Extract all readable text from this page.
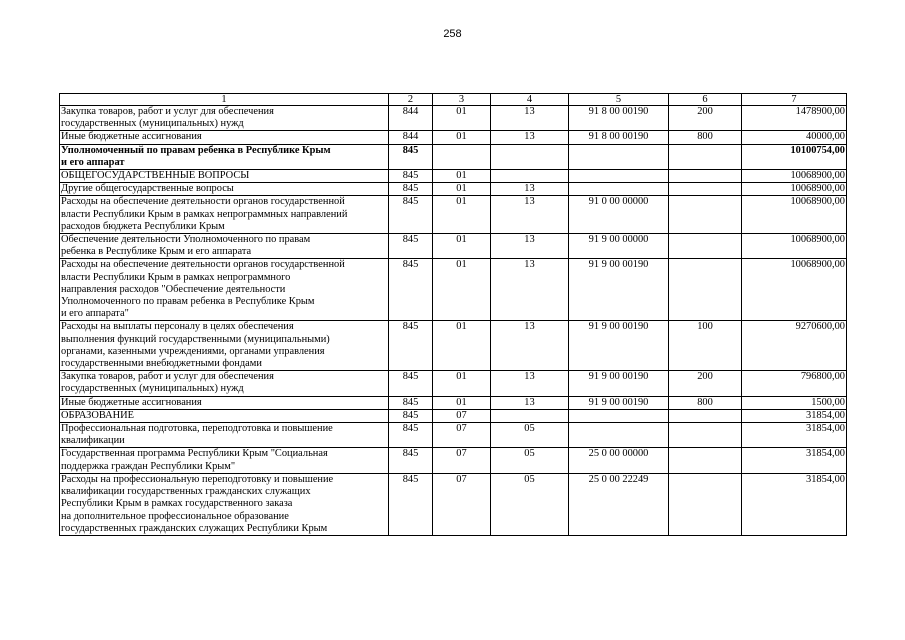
258
1	2	3	4	5	6	7

Закупка товаров, работ и услуг для обеспечения
государственных (муниципальных) нужд	844	01	13	91 8 00 00190	200	1478900,00

Иные бюджетные ассигнования	844	01	13	91 8 00 00190	800	40000,00

Уполномоченный по правам ребенка в Республике Крым
и его аппарат	845					10100754,00

ОБЩЕГОСУДАРСТВЕННЫЕ ВОПРОСЫ	845	01				10068900,00

Другие общегосударственные вопросы	845	01	13			10068900,00

Расходы на обеспечение деятельности органов государственной
власти Республики Крым в рамках непрограммных направлений
расходов бюджета Республики Крым	845	01	13	91 0 00 00000		10068900,00

Обеспечение деятельности Уполномоченного по правам
ребенка в Республике Крым и его аппарата	845	01	13	91 9 00 00000		10068900,00

Расходы на обеспечение деятельности органов государственной
власти Республики Крым в рамках непрограммного
направления расходов "Обеспечение деятельности
Уполномоченного по правам ребенка в Республике Крым
и его аппарата"	845	01	13	91 9 00 00190		10068900,00

Расходы на выплаты персоналу в целях обеспечения
выполнения функций государственными (муниципальными)
органами, казенными учреждениями, органами управления
государственными внебюджетными фондами	845	01	13	91 9 00 00190	100	9270600,00

Закупка товаров, работ и услуг для обеспечения
государственных (муниципальных) нужд	845	01	13	91 9 00 00190	200	796800,00

Иные бюджетные ассигнования	845	01	13	91 9 00 00190	800	1500,00

ОБРАЗОВАНИЕ	845	07				31854,00

Профессиональная подготовка, переподготовка и повышение
квалификации	845	07	05			31854,00

Государственная программа Республики Крым "Социальная
поддержка граждан Республики Крым"	845	07	05	25 0 00 00000		31854,00

Расходы на профессиональную переподготовку и повышение
квалификации государственных гражданских служащих
Республики Крым в рамках государственного заказа
на дополнительное профессиональное образование
государственных гражданских служащих Республики Крым	845	07	05	25 0 00 22249		31854,00
